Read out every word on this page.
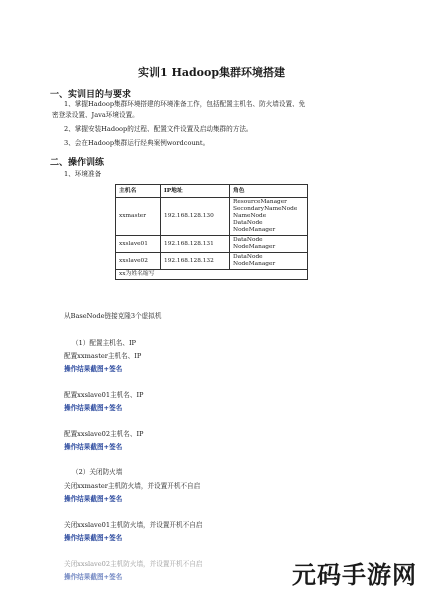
实训1 Hadoop集群环境搭建
一、实训目的与要求
1、掌握Hadoop集群环境搭建的环境准备工作，包括配置主机名、防火墙设置、免
密登录设置、Java环境设置。
2、掌握安装Hadoop的过程、配置文件设置及启动集群的方法。
3、会在Hadoop集群运行经典案例wordcount。
二、操作训练
1、环境准备
主机名	IP地址	角色
xxmaster	192.168.128.130	ResourceManager
SecondaryNameNode
NameNode
DataNode
NodeManager

xxslave01	192.168.128.131	DataNode
NodeManager

xxslave02	192.168.128.132	DataNode
NodeManager

xx为姓名缩写		
从BaseNode链接克隆3个虚拟机
（1）配置主机名、IP
配置xxmaster主机名、IP
操作结果截图+签名
配置xxslave01主机名、IP
操作结果截图+签名
配置xxslave02主机名、IP
操作结果截图+签名
（2）关闭防火墙
关闭xxmaster主机防火墙，并设置开机不自启
操作结果截图+签名
关闭xxslave01主机防火墙，并设置开机不自启
操作结果截图+签名
关闭xxslave02主机防火墙，并设置开机不自启
操作结果截图+签名	元码手游网
